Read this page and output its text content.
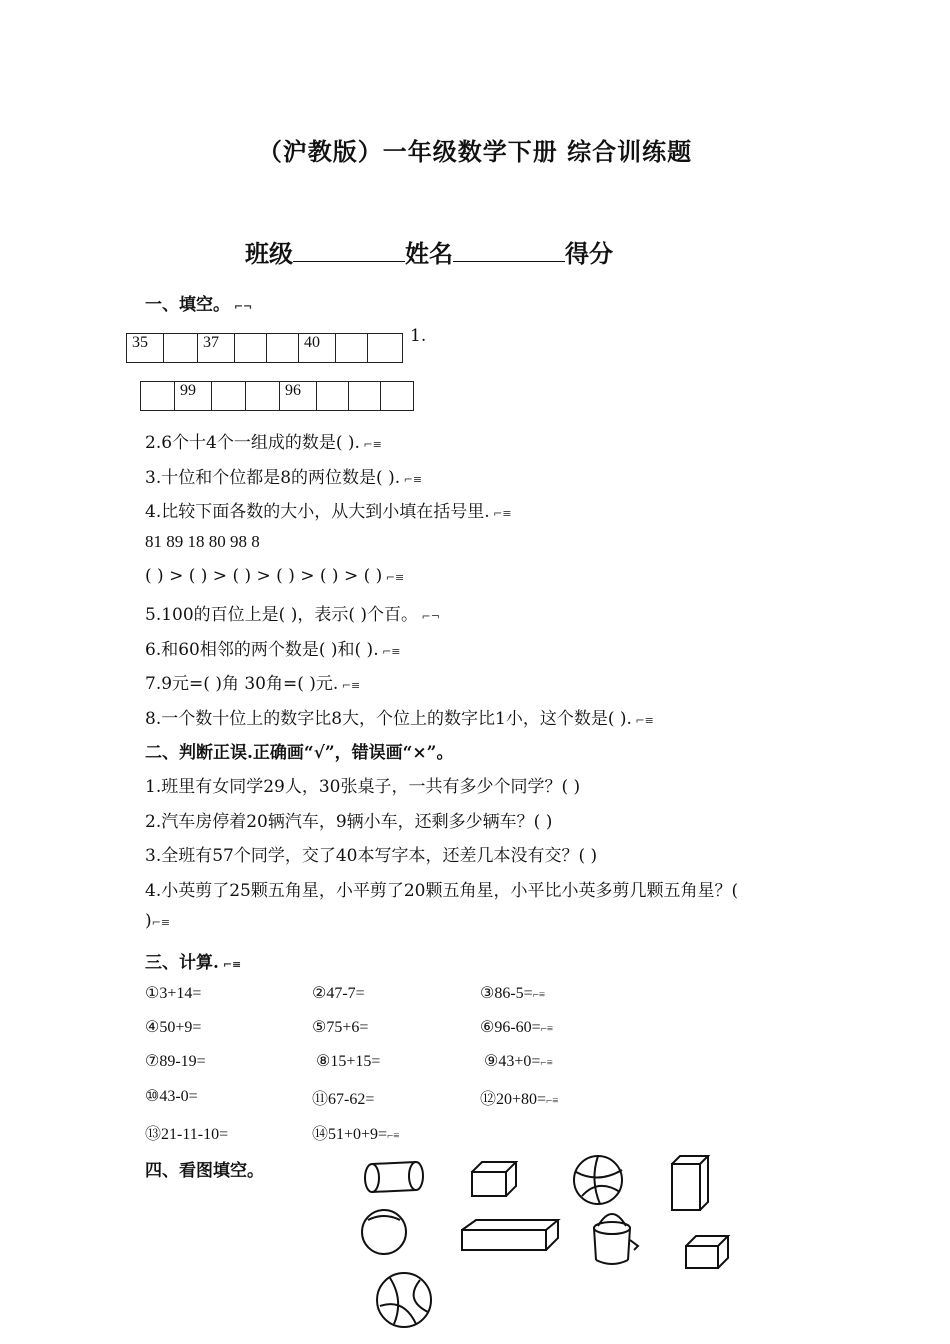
（沪教版）一年级数学下册 综合训练题
班级	姓名	得分
一、填空。 ⌐¬
35		37			40			1.
	99			96			
2.6个十4个一组成的数是( ). ⌐≡
3.十位和个位都是8的两位数是( ). ⌐≡
4.比较下面各数的大小，从大到小填在括号里. ⌐≡
81 89 18 80 98 8
( ) > ( ) > ( ) > ( ) > ( ) > ( ) ⌐≡
5.100的百位上是( )，表示( )个百。 ⌐¬
6.和60相邻的两个数是( )和( ). ⌐≡
7.9元=( )角 30角=( )元. ⌐≡
8.一个数十位上的数字比8大，个位上的数字比1小，这个数是( ). ⌐≡
二、判断正误.正确画“√”，错误画“×”。
1.班里有女同学29人，30张桌子，一共有多少个同学？( )
2.汽车房停着20辆汽车，9辆小车，还剩多少辆车？( )
3.全班有57个同学，交了40本写字本，还差几本没有交？( )
4.小英剪了25颗五角星，小平剪了20颗五角星，小平比小英多剪几颗五角星？(
)⌐≡
三、计算. ⌐≡
①3+14=	②47-7=	③86-5=⌐≡
④50+9=	⑤75+6=	⑥96-60=⌐≡
⑦89-19=	⑧15+15=	⑨43+0=⌐≡
⑩43-0=	⑪67-62=	⑫20+80=⌐≡
⑬21-11-10=	⑭51+0+9=⌐≡
四、看图填空。
